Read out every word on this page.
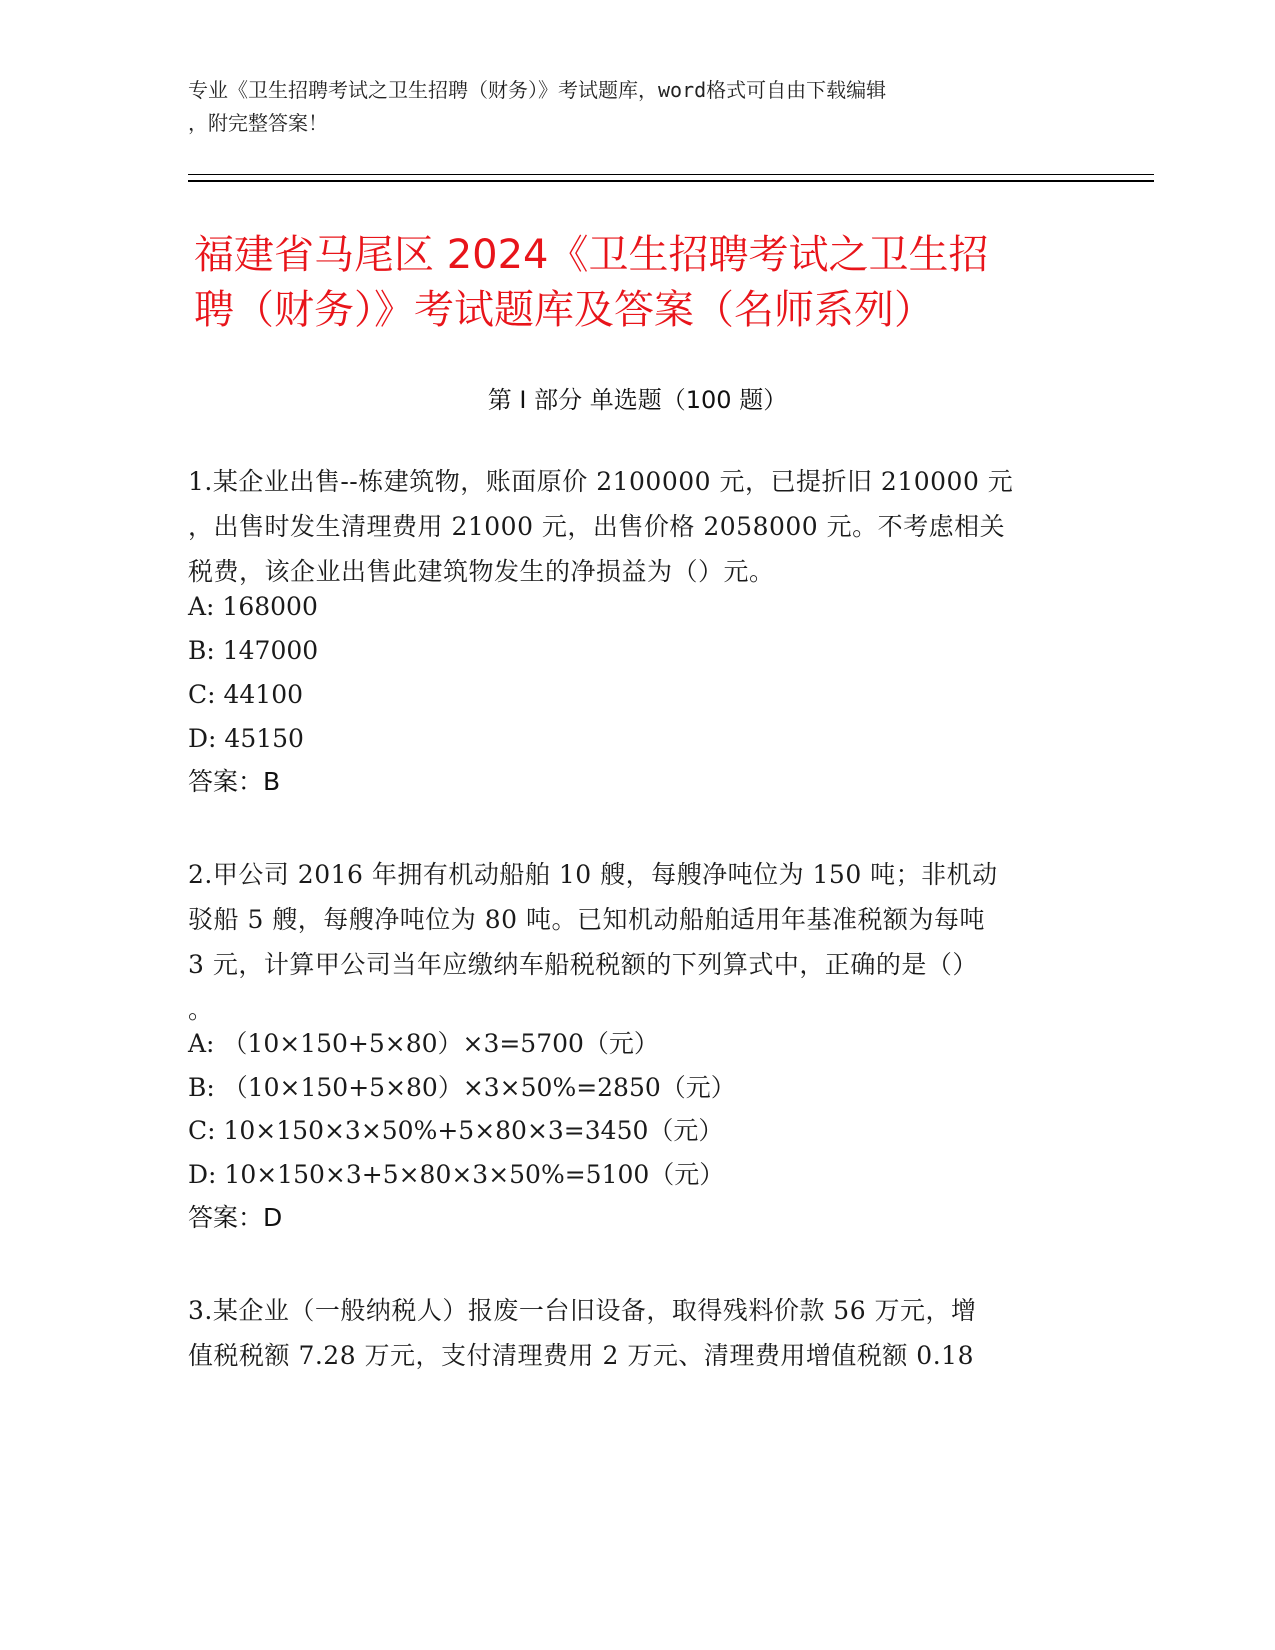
专业《卫生招聘考试之卫生招聘（财务）》考试题库，word格式可自由下载编辑
，附完整答案！
福建省马尾区 2024《卫生招聘考试之卫生招
聘（财务）》考试题库及答案（名师系列）
第 I 部分 单选题（100 题）
1.某企业出售--栋建筑物，账面原价 2100000 元，已提折旧 210000 元
，出售时发生清理费用 21000 元，出售价格 2058000 元。不考虑相关
税费，该企业出售此建筑物发生的净损益为（）元。
A: 168000
B: 147000
C: 44100
D: 45150
答案：B
2.甲公司 2016 年拥有机动船舶 10 艘，每艘净吨位为 150 吨；非机动
驳船 5 艘，每艘净吨位为 80 吨。已知机动船舶适用年基准税额为每吨
3 元，计算甲公司当年应缴纳车船税税额的下列算式中，正确的是（）
。
A: （10×150+5×80）×3=5700（元）
B: （10×150+5×80）×3×50%=2850（元）
C: 10×150×3×50%+5×80×3=3450（元）
D: 10×150×3+5×80×3×50%=5100（元）
答案：D
3.某企业（一般纳税人）报废一台旧设备，取得残料价款 56 万元，增
值税税额 7.28 万元，支付清理费用 2 万元、清理费用增值税额 0.18
